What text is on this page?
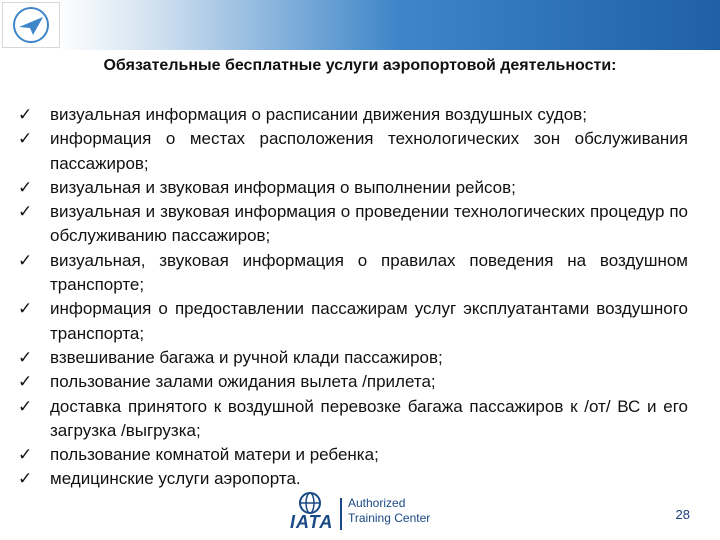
Обязательные бесплатные услуги аэропортовой деятельности:
✓	визуальная информация о расписании движения воздушных судов;
✓	информация о местах расположения технологических зон обслуживания пассажиров;
✓	визуальная и звуковая информация о выполнении рейсов;
✓	визуальная и звуковая информация о проведении технологических процедур по обслуживанию пассажиров;
✓	визуальная, звуковая информация о правилах поведения на воздушном транспорте;
✓	информация о предоставлении пассажирам услуг эксплуатантами воздушного транспорта;
✓	взвешивание багажа и ручной клади пассажиров;
✓	пользование залами ожидания вылета /прилета;
✓	доставка принятого к воздушной перевозке багажа пассажиров к /от/ ВС и его загрузка /выгрузка;
✓	пользование комнатой матери и ребенка;
✓	медицинские услуги аэропорта.
IATA
Authorized
Training Center	28
